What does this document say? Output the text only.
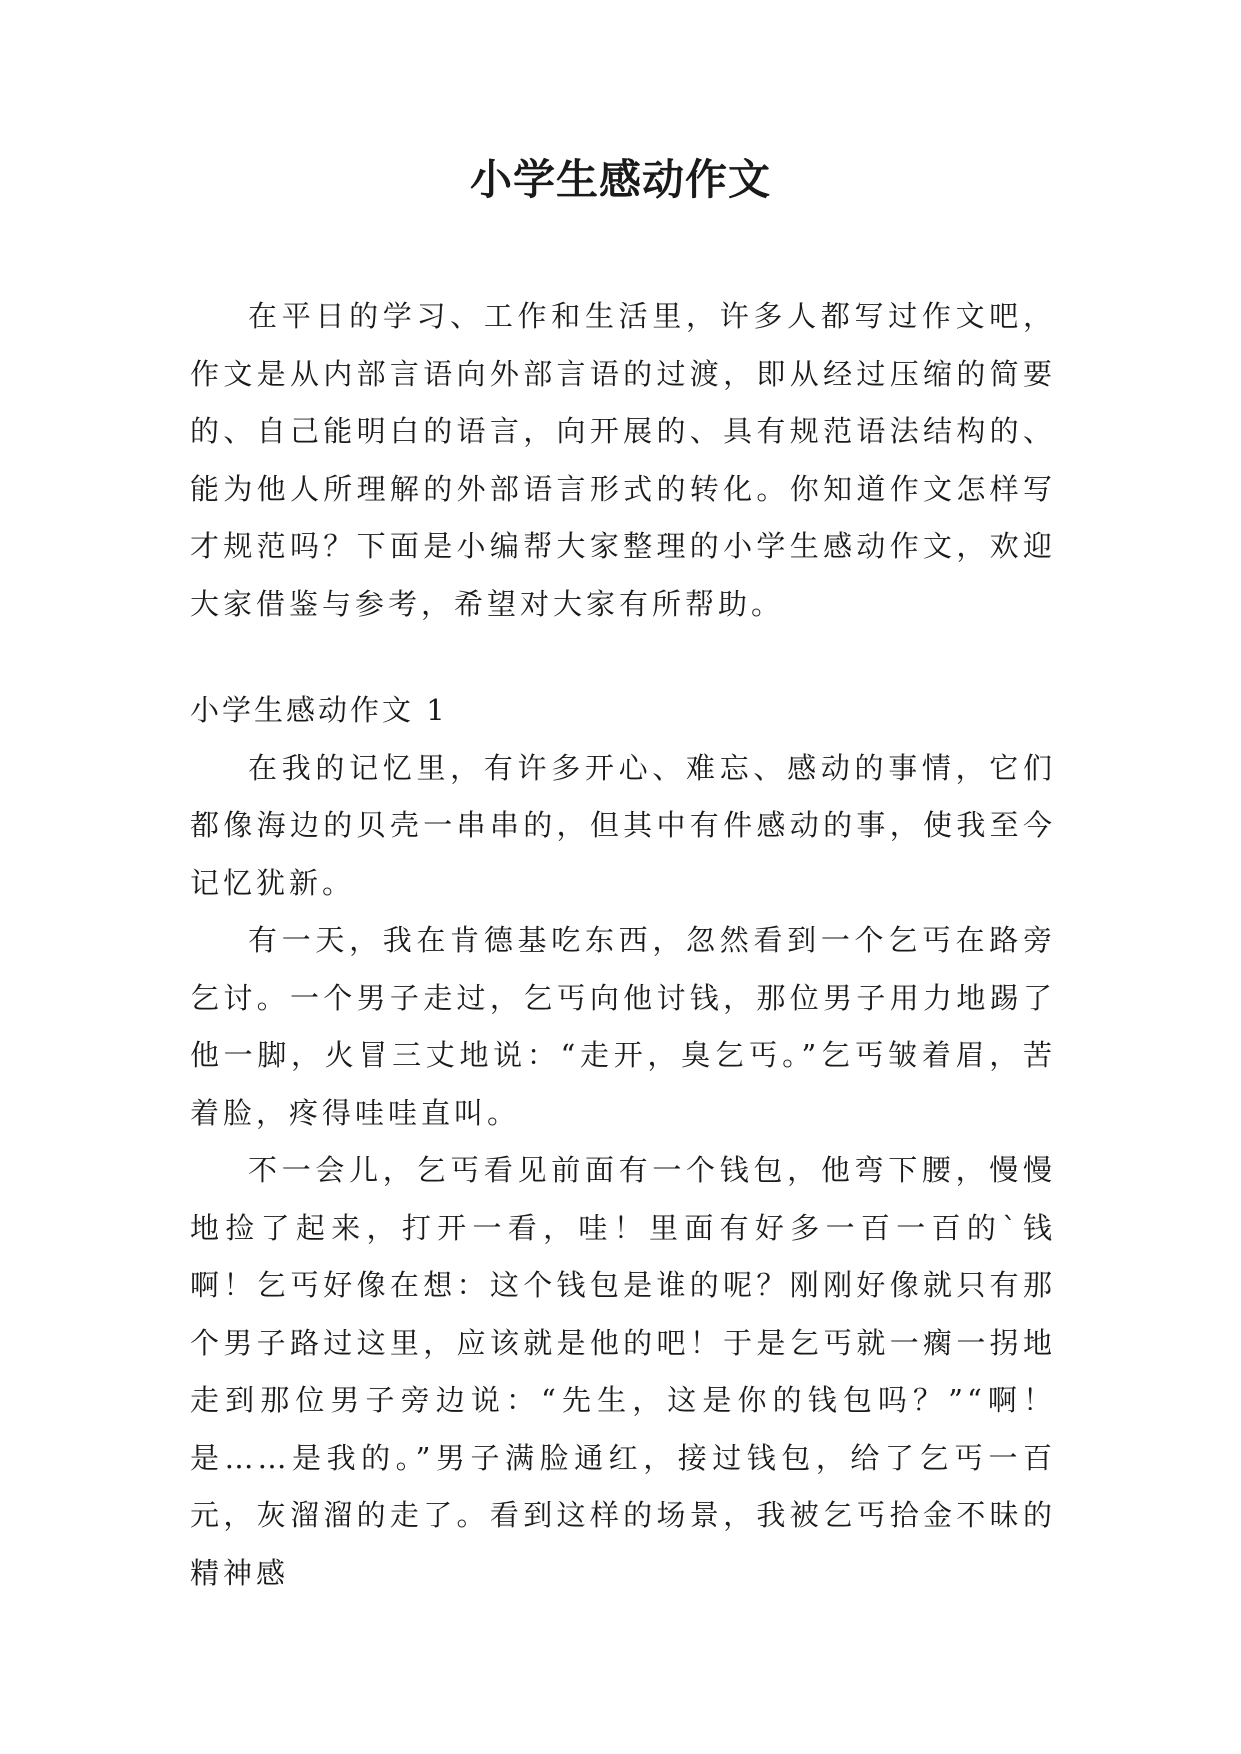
小学生感动作文

在平日的学习、工作和生活里，许多人都写过作文吧，作文是从内部言语向外部言语的过渡，即从经过压缩的简要的、自己能明白的语言，向开展的、具有规范语法结构的、能为他人所理解的外部语言形式的转化。你知道作文怎样写才规范吗？下面是小编帮大家整理的小学生感动作文，欢迎大家借鉴与参考，希望对大家有所帮助。

小学生感动作文 1

在我的记忆里，有许多开心、难忘、感动的事情，它们都像海边的贝壳一串串的，但其中有件感动的事，使我至今记忆犹新。

有一天，我在肯德基吃东西，忽然看到一个乞丐在路旁乞讨。一个男子走过，乞丐向他讨钱，那位男子用力地踢了他一脚，火冒三丈地说：“走开，臭乞丐。”乞丐皱着眉，苦着脸，疼得哇哇直叫。

不一会儿，乞丐看见前面有一个钱包，他弯下腰，慢慢地捡了起来，打开一看，哇！里面有好多一百一百的`钱啊！乞丐好像在想：这个钱包是谁的呢？刚刚好像就只有那个男子路过这里，应该就是他的吧！于是乞丐就一瘸一拐地走到那位男子旁边说：“先生，这是你的钱包吗？”“啊！是……是我的。”男子满脸通红，接过钱包，给了乞丐一百元，灰溜溜的走了。看到这样的场景，我被乞丐拾金不昧的精神感
